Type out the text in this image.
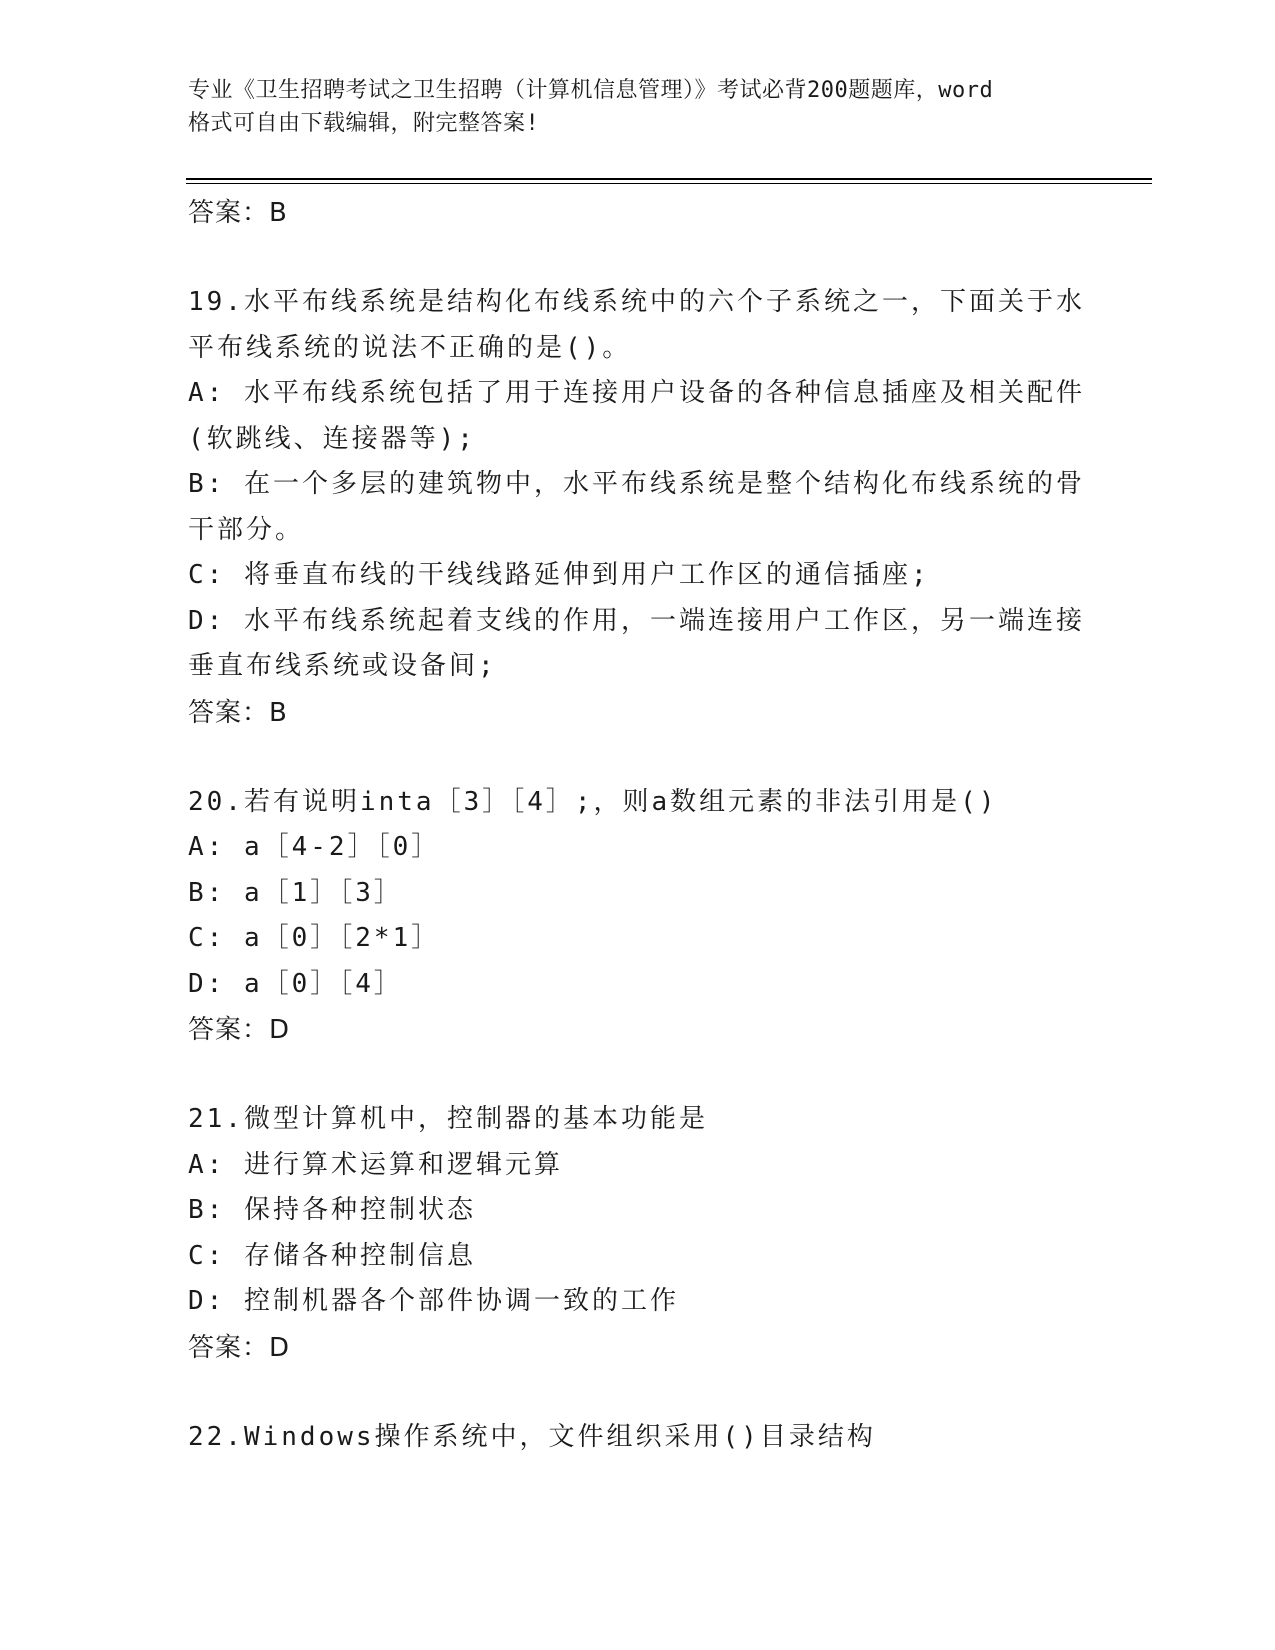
专业《卫生招聘考试之卫生招聘（计算机信息管理）》考试必背200题题库，word
格式可自由下载编辑，附完整答案!
答案：B
19.水平布线系统是结构化布线系统中的六个子系统之一，下面关于水
平布线系统的说法不正确的是()。
A: 水平布线系统包括了用于连接用户设备的各种信息插座及相关配件
(软跳线、连接器等);
B: 在一个多层的建筑物中，水平布线系统是整个结构化布线系统的骨
干部分。
C: 将垂直布线的干线线路延伸到用户工作区的通信插座;
D: 水平布线系统起着支线的作用，一端连接用户工作区，另一端连接
垂直布线系统或设备间;
答案：B
20.若有说明inta［3］［4］;，则a数组元素的非法引用是()
A: a［4-2］［0］
B: a［1］［3］
C: a［0］［2*1］
D: a［0］［4］
答案：D
21.微型计算机中，控制器的基本功能是
A: 进行算术运算和逻辑元算
B: 保持各种控制状态
C: 存储各种控制信息
D: 控制机器各个部件协调一致的工作
答案：D
22.Windows操作系统中，文件组织采用()目录结构
